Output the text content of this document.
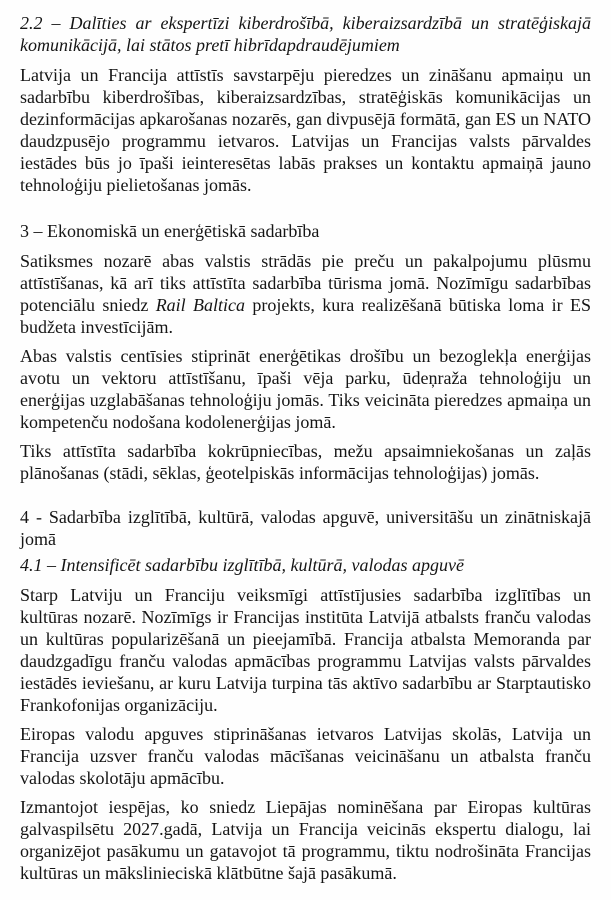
2.2 – Dalīties ar ekspertīzi kiberdrošībā, kiberaizsardzībā un stratēģiskajā komunikācijā, lai stātos pretī hibrīdapdraudējumiem

Latvija un Francija attīstīs savstarpēju pieredzes un zināšanu apmaiņu un sadarbību kiberdrošības, kiberaizsardzības, stratēģiskās komunikācijas un dezinformācijas apkarošanas nozarēs, gan divpusējā formātā, gan ES un NATO daudzpusējo programmu ietvaros. Latvijas un Francijas valsts pārvaldes iestādes būs jo īpaši ieinteresētas labās prakses un kontaktu apmaiņā jauno tehnoloģiju pielietošanas jomās.

3 – Ekonomiskā un enerģētiskā sadarbība

Satiksmes nozarē abas valstis strādās pie preču un pakalpojumu plūsmu attīstīšanas, kā arī tiks attīstīta sadarbība tūrisma jomā. Nozīmīgu sadarbības potenciālu sniedz Rail Baltica projekts, kura realizēšanā būtiska loma ir ES budžeta investīcijām.

Abas valstis centīsies stiprināt enerģētikas drošību un bezoglekļa enerģijas avotu un vektoru attīstīšanu, īpaši vēja parku, ūdeņraža tehnoloģiju un enerģijas uzglabāšanas tehnoloģiju jomās. Tiks veicināta pieredzes apmaiņa un kompetenču nodošana kodolenerģijas jomā.

Tiks attīstīta sadarbība kokrūpniecības, mežu apsaimniekošanas un zaļās plānošanas (stādi, sēklas, ģeotelpiskās informācijas tehnoloģijas) jomās.

4 - Sadarbība izglītībā, kultūrā, valodas apguvē, universitāšu un zinātniskajā jomā
4.1 – Intensificēt sadarbību izglītībā, kultūrā, valodas apguvē

Starp Latviju un Franciju veiksmīgi attīstījusies sadarbība izglītības un kultūras nozarē. Nozīmīgs ir Francijas institūta Latvijā atbalsts franču valodas un kultūras popularizēšanā un pieejamībā. Francija atbalsta Memoranda par daudzgadīgu franču valodas apmācības programmu Latvijas valsts pārvaldes iestādēs ieviešanu, ar kuru Latvija turpina tās aktīvo sadarbību ar Starptautisko Frankofonijas organizāciju.

Eiropas valodu apguves stiprināšanas ietvaros Latvijas skolās, Latvija un Francija uzsver franču valodas mācīšanas veicināšanu un atbalsta franču valodas skolotāju apmācību.

Izmantojot iespējas, ko sniedz Liepājas nominēšana par Eiropas kultūras galvaspilsētu 2027.gadā, Latvija un Francija veicinās ekspertu dialogu, lai organizējot pasākumu un gatavojot tā programmu, tiktu nodrošināta Francijas kultūras un mākslinieciskā klātbūtne šajā pasākumā.
